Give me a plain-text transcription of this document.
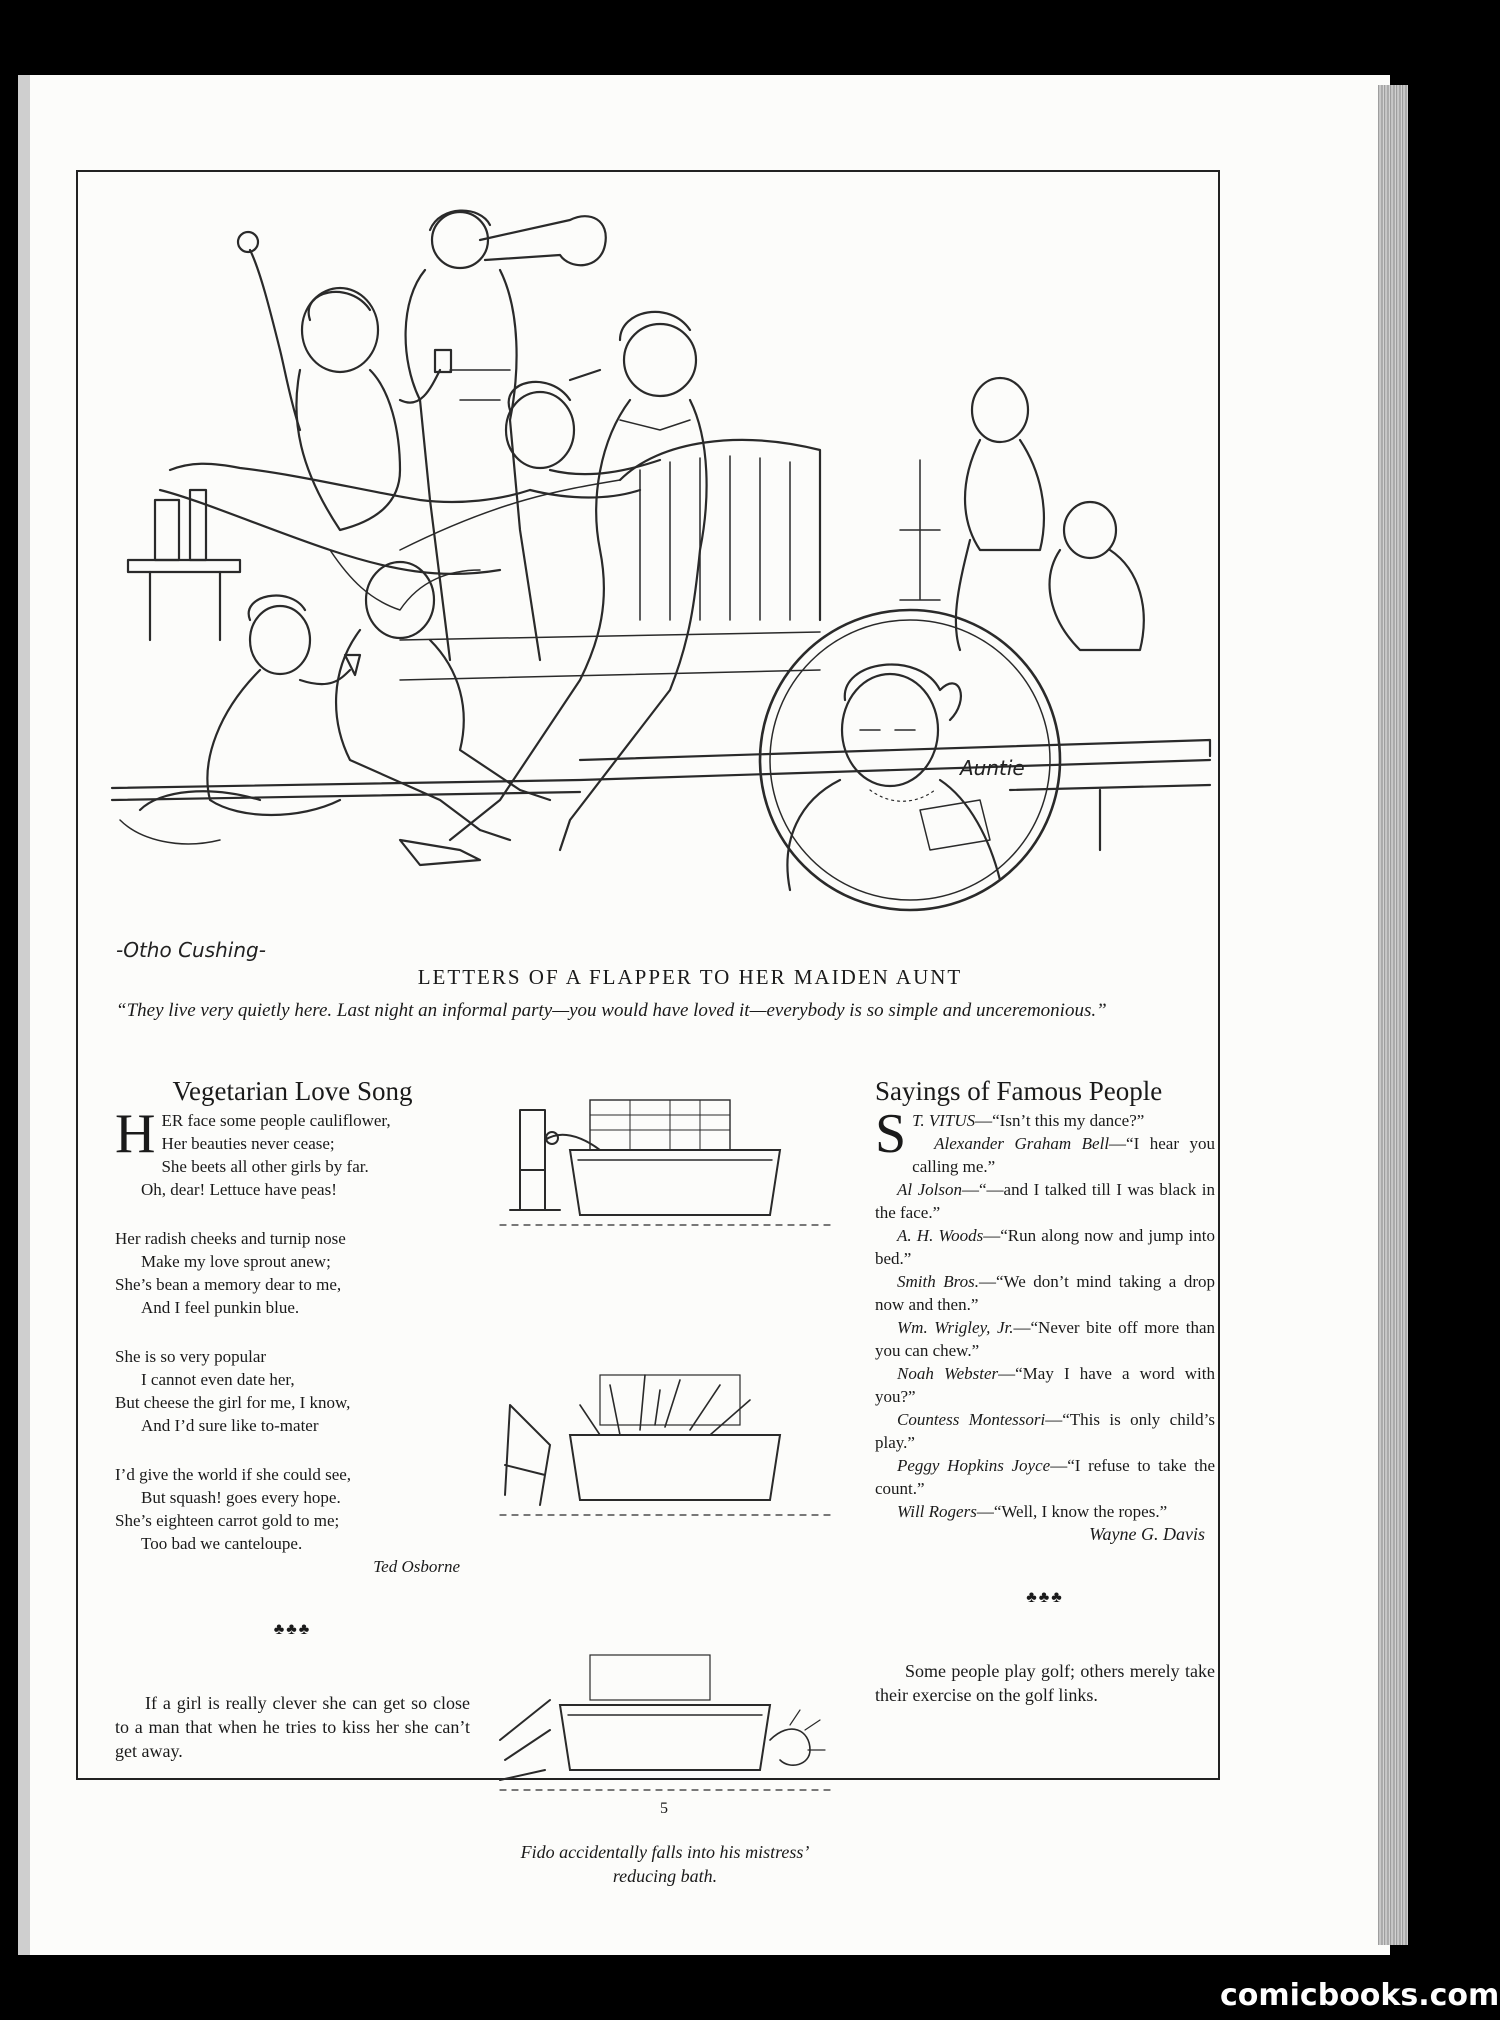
-Otho Cushing-
Auntie
LETTERS OF A FLAPPER TO HER MAIDEN AUNT
“They live very quietly here. Last night an informal party—you would have loved it—everybody is so simple and unceremonious.”
Vegetarian Love Song
H ER face some people cauliflower,
Her beauties never cease;
She beets all other girls by far.
Oh, dear! Lettuce have peas!
Her radish cheeks and turnip nose
Make my love sprout anew;
She’s bean a memory dear to me,
And I feel punkin blue.
She is so very popular
I cannot even date her,
But cheese the girl for me, I know,
And I’d sure like to-mater
I’d give the world if she could see,
But squash! goes every hope.
She’s eighteen carrot gold to me;
Too bad we canteloupe.
Ted Osborne
♣♣♣
If a girl is really clever she can get so close to a man that when he tries to kiss her she can’t get away.
Fido accidentally falls into his mistress’ reducing bath.
Sayings of Famous People

S T. VITUS—“Isn’t this my dance?”

Alexander Graham Bell—“I hear you calling me.”

Al Jolson—“—and I talked till I was black in the face.”

A. H. Woods—“Run along now and jump into bed.”

Smith Bros.—“We don’t mind taking a drop now and then.”

Wm. Wrigley, Jr.—“Never bite off more than you can chew.”

Noah Webster—“May I have a word with you?”

Countess Montessori—“This is only child’s play.”

Peggy Hopkins Joyce—“I refuse to take the count.”

Will Rogers—“Well, I know the ropes.”

Wayne G. Davis
♣♣♣
Some people play golf; others merely take their exercise on the golf links.
5
comicbooks.com
